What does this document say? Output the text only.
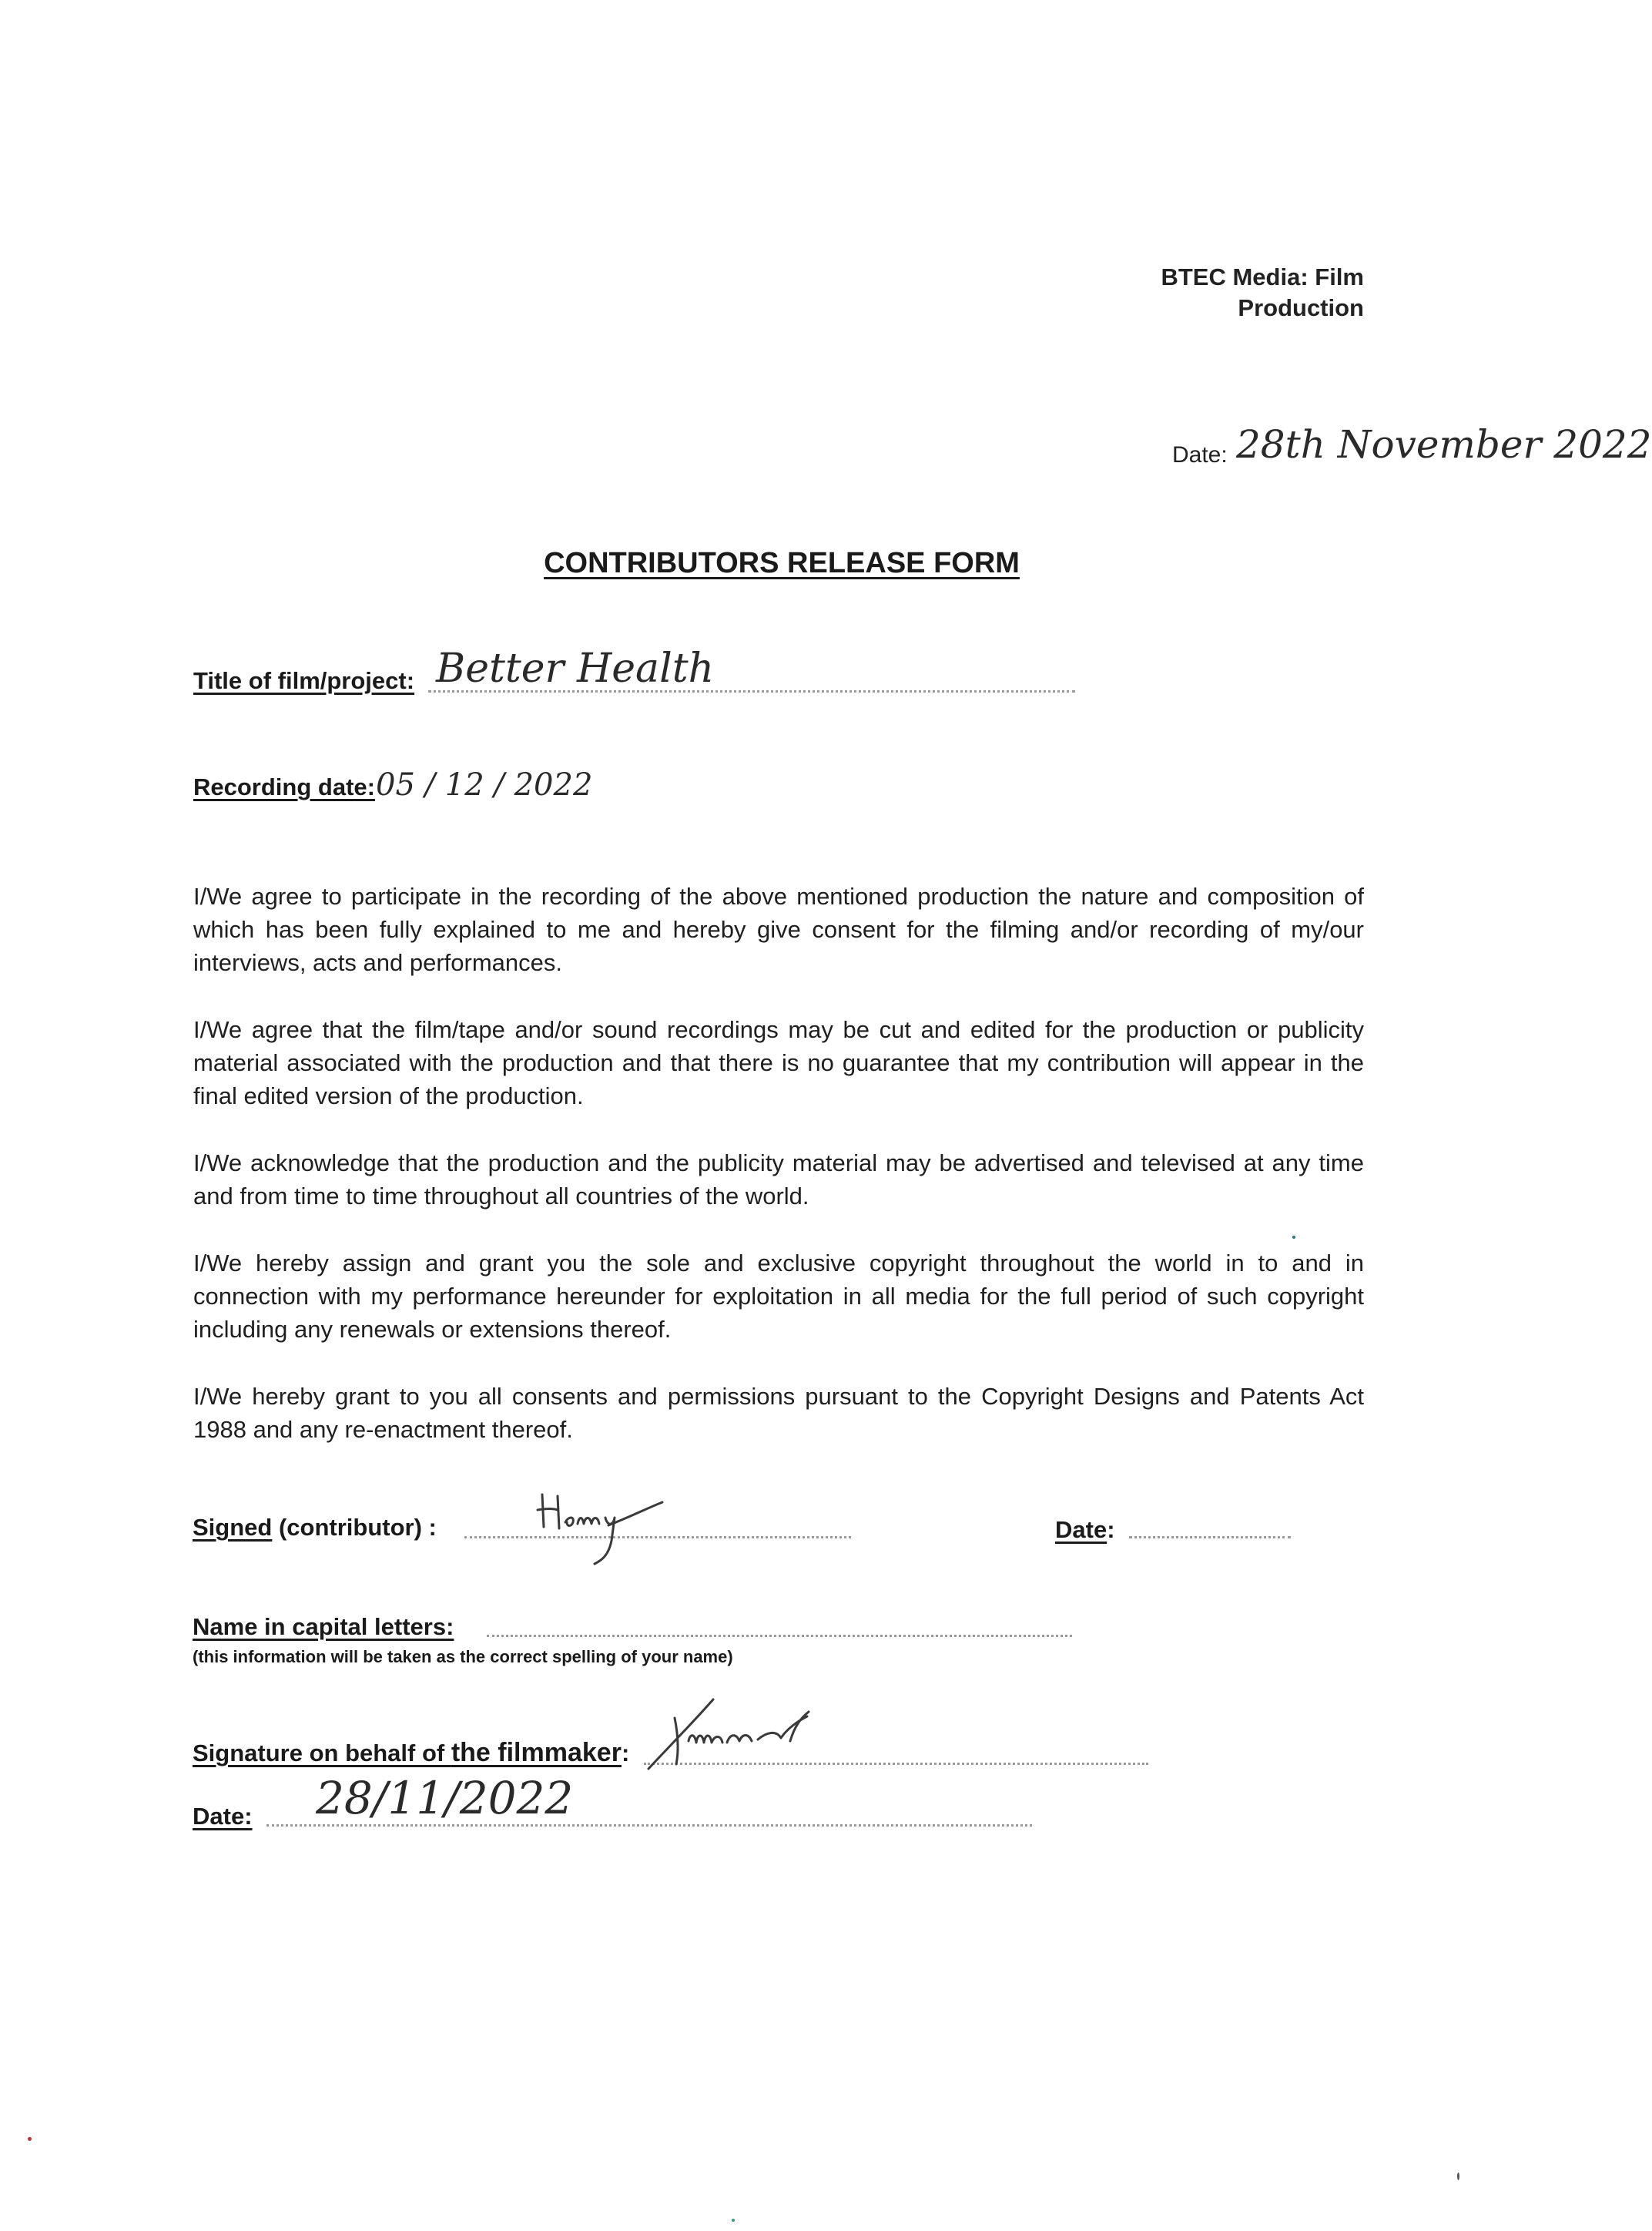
BTEC Media: Film
Production
Date: 28th November 2022
CONTRIBUTORS RELEASE FORM
Title of film/project: Better Health
Recording date: 05 / 12 / 2022

I/We agree to participate in the recording of the above mentioned production the nature and composition of which has been fully explained to me and hereby give consent for the filming and/or recording of my/our interviews, acts and performances.

I/We agree that the film/tape and/or sound recordings may be cut and edited for the production or publicity material associated with the production and that there is no guarantee that my contribution will appear in the final edited version of the production.

I/We acknowledge that the production and the publicity material may be advertised and televised at any time and from time to time throughout all countries of the world.

I/We hereby assign and grant you the sole and exclusive copyright throughout the world in to and in connection with my performance hereunder for exploitation in all media for the full period of such copyright including any renewals or extensions thereof.

I/We hereby grant to you all consents and permissions pursuant to the Copyright Designs and Patents Act 1988 and any re-enactment thereof.

Signed (contributor) :	Date:
Name in capital letters:
(this information will be taken as the correct spelling of your name)
Signature on behalf of the filmmaker:
Date: 28/11/2022
